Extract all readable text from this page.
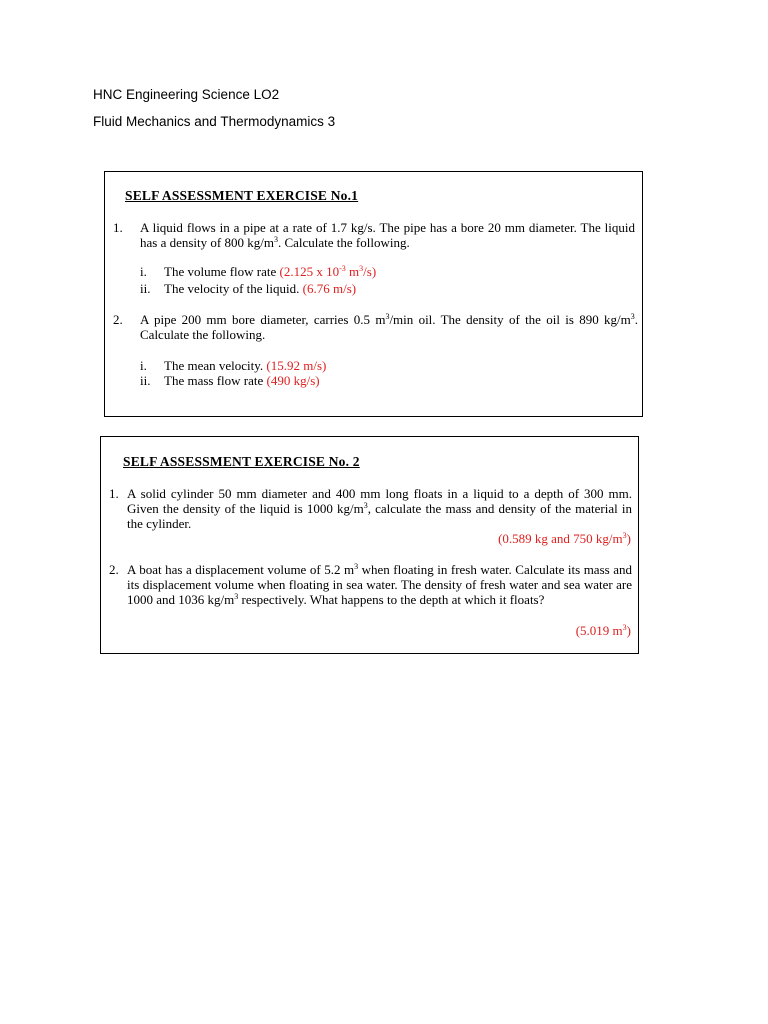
HNC Engineering Science LO2
Fluid Mechanics and Thermodynamics 3
SELF ASSESSMENT EXERCISE No.1
1. A liquid flows in a pipe at a rate of 1.7 kg/s. The pipe has a bore 20 mm diameter. The liquid has a density of 800 $kg/m^3$. Calculate the following.
i. The volume flow rate (2.125 x $10^{-3}$ $m^3/s$)
ii. The velocity of the liquid. (6.76 m/s)
2. A pipe 200 mm bore diameter, carries 0.5 $m^3/\min$ oil. The density of the oil is 890 $kg/m^3$. Calculate the following.
i. The mean velocity. (15.92 m/s)
ii. The mass flow rate (490 kg/s)
SELF ASSESSMENT EXERCISE No. 2
1. A solid cylinder 50 mm diameter and 400 mm long floats in a liquid to a depth of 300 mm. Given the density of the liquid is 1000 $kg/m^3$, calculate the mass and density of the material in the cylinder.
(0.589 kg and 750 $kg/m^3$)
2. A boat has a displacement volume of 5.2 $m^3$ when floating in fresh water. Calculate its mass and its displacement volume when floating in sea water. The density of fresh water and sea water are 1000 and 1036 $kg/m^3$ respectively. What happens to the depth at which it floats?
(5.019 $m^3$)
